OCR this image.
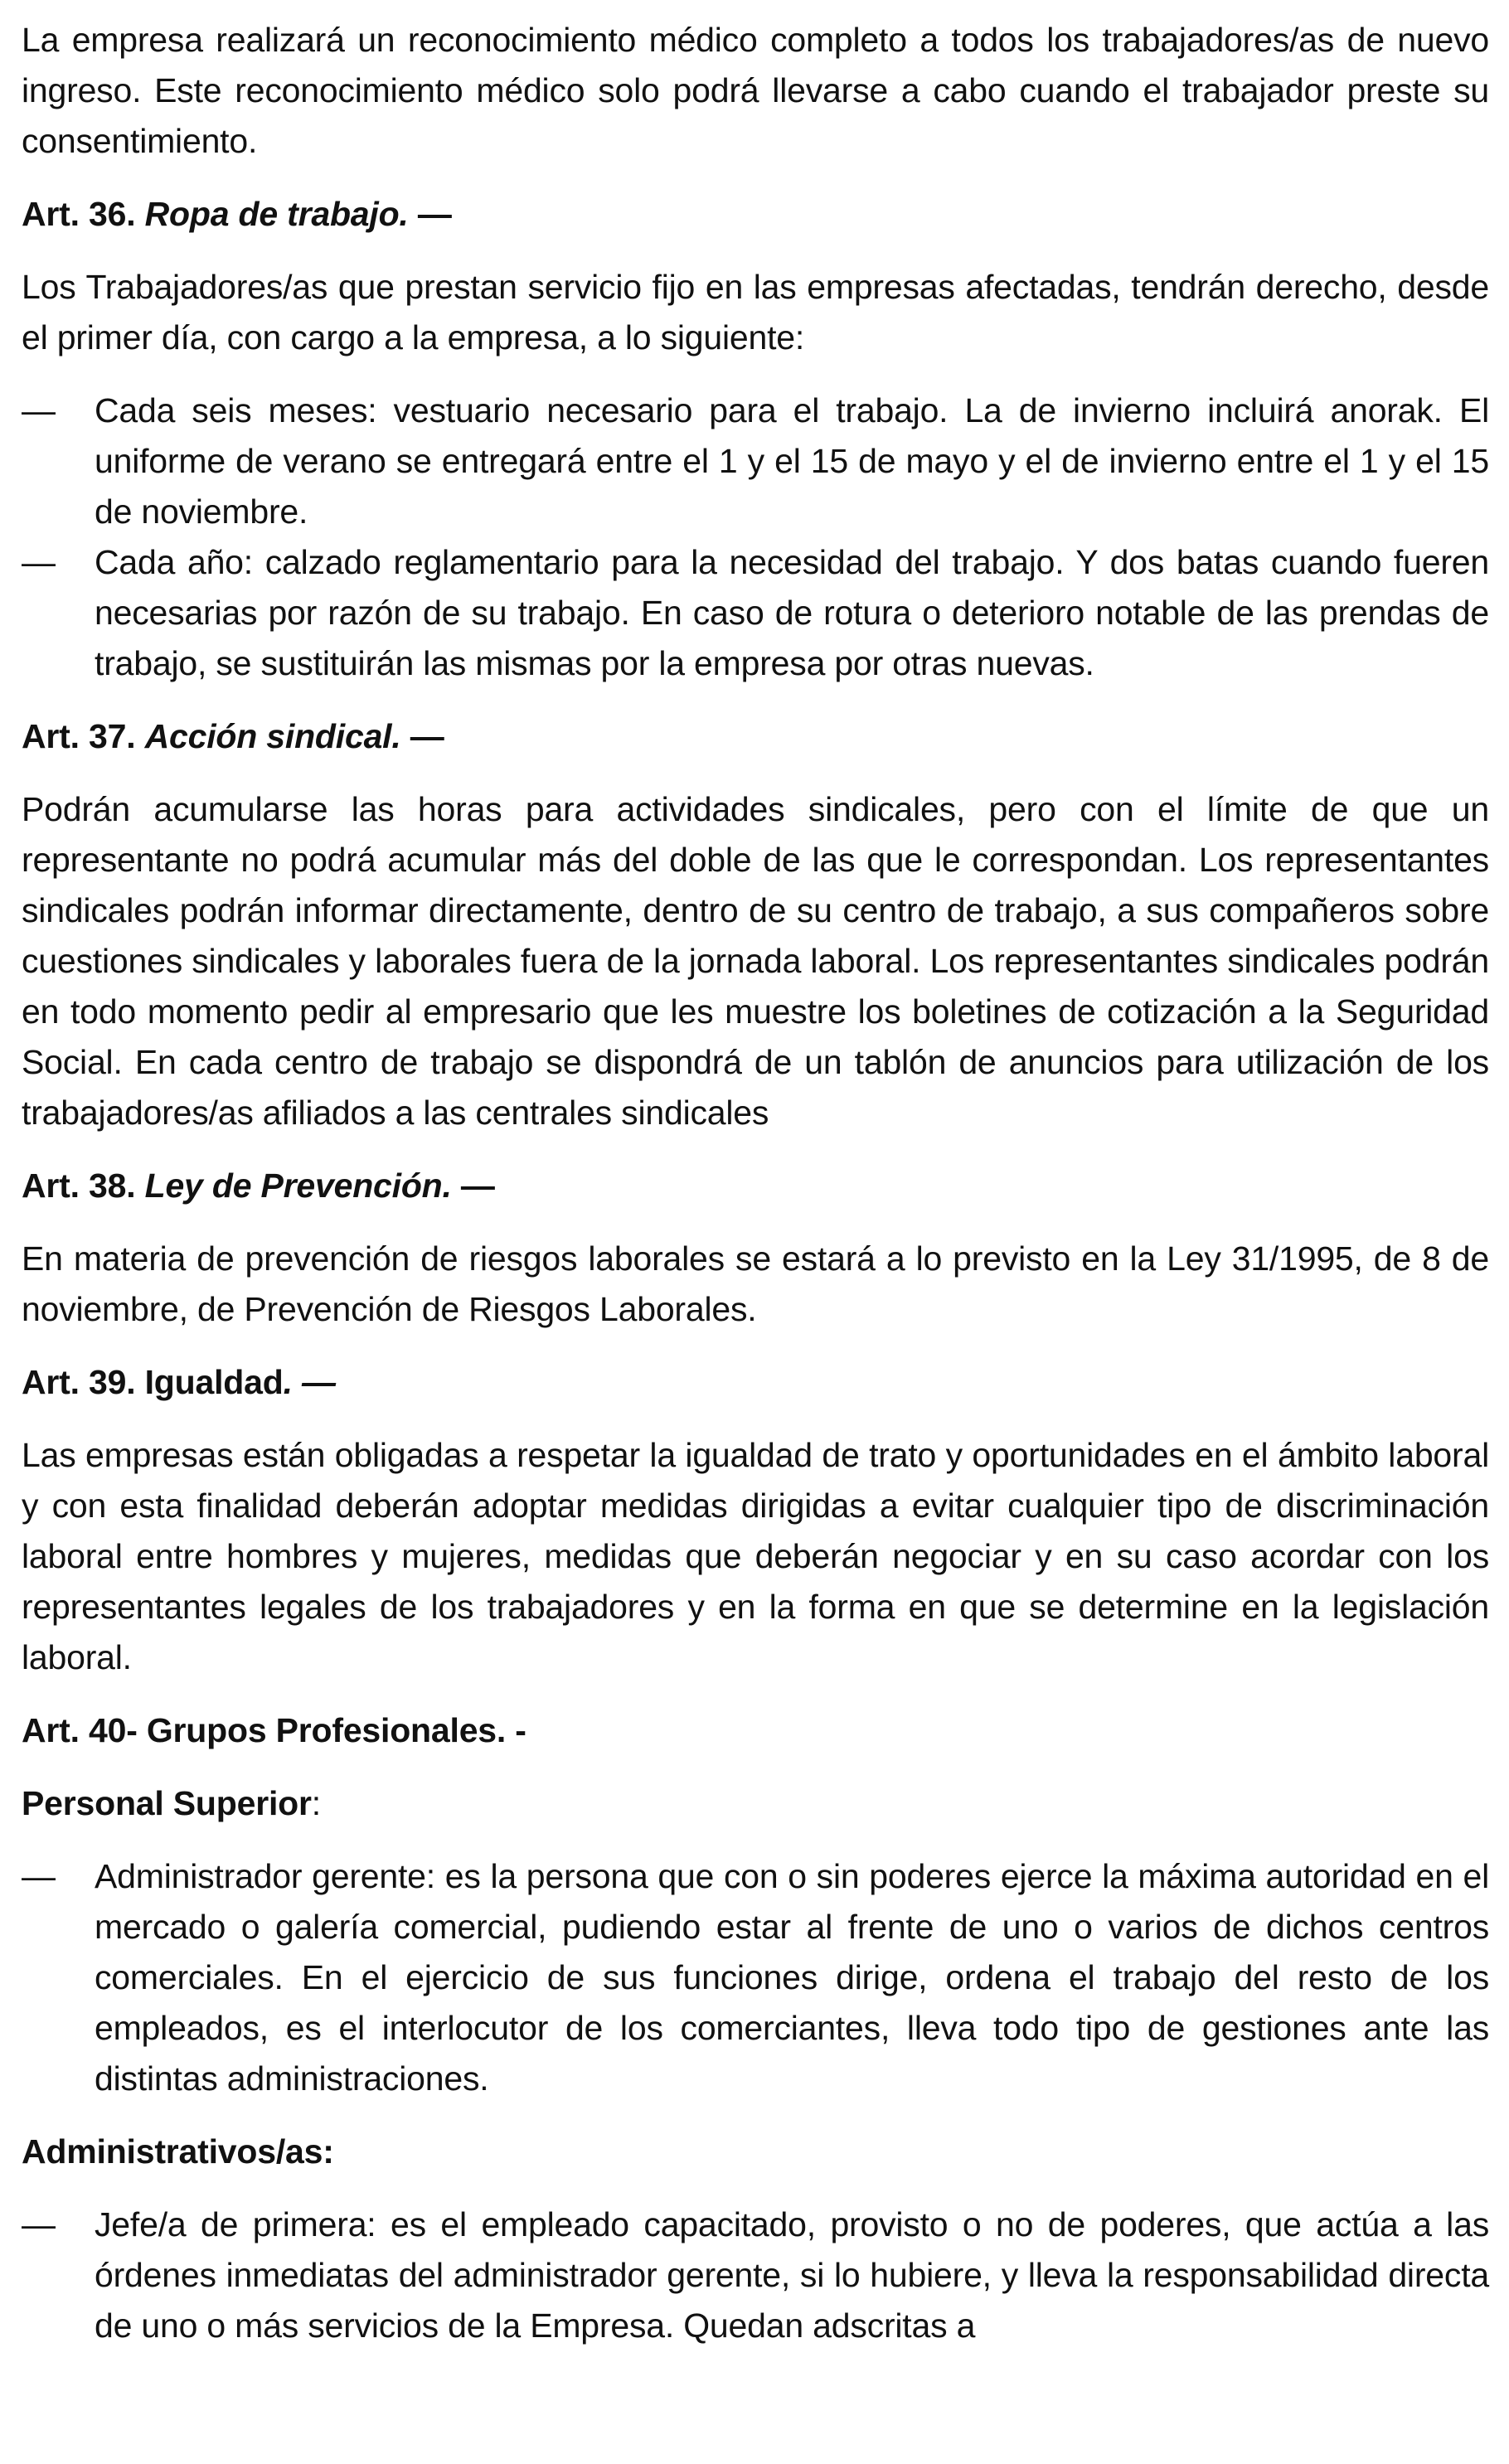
La empresa realizará un reconocimiento médico completo a todos los trabajadores/as de nuevo ingreso. Este reconocimiento médico solo podrá llevarse a cabo cuando el trabajador preste su consentimiento.

Art. 36. Ropa de trabajo. —

Los Trabajadores/as que prestan servicio fijo en las empresas afectadas, tendrán derecho, desde el primer día, con cargo a la empresa, a lo siguiente:

—	Cada seis meses: vestuario necesario para el trabajo. La de invierno incluirá anorak. El uniforme de verano se entregará entre el 1 y el 15 de mayo y el de invierno entre el 1 y el 15 de noviembre.
—	Cada año: calzado reglamentario para la necesidad del trabajo. Y dos batas cuando fueren necesarias por razón de su trabajo. En caso de rotura o deterioro notable de las prendas de trabajo, se sustituirán las mismas por la empresa por otras nuevas.
Art. 37. Acción sindical. —

Podrán acumularse las horas para actividades sindicales, pero con el límite de que un representante no podrá acumular más del doble de las que le correspondan. Los representantes sindicales podrán informar directamente, dentro de su centro de trabajo, a sus compañeros sobre cuestiones sindicales y laborales fuera de la jornada laboral. Los representantes sindicales podrán en todo momento pedir al empresario que les muestre los boletines de cotización a la Seguridad Social. En cada centro de trabajo se dispondrá de un tablón de anuncios para utilización de los trabajadores/as afiliados a las centrales sindicales

Art. 38. Ley de Prevención. —

En materia de prevención de riesgos laborales se estará a lo previsto en la Ley 31/1995, de 8 de noviembre, de Prevención de Riesgos Laborales.

Art. 39. Igualdad. —

Las empresas están obligadas a respetar la igualdad de trato y oportunidades en el ámbito laboral y con esta finalidad deberán adoptar medidas dirigidas a evitar cualquier tipo de discriminación laboral entre hombres y mujeres, medidas que deberán negociar y en su caso acordar con los representantes legales de los trabajadores y en la forma en que se determine en la legislación laboral.

Art. 40- Grupos Profesionales. -

Personal Superior:

—	Administrador gerente: es la persona que con o sin poderes ejerce la máxima autoridad en el mercado o galería comercial, pudiendo estar al frente de uno o varios de dichos centros comerciales. En el ejercicio de sus funciones dirige, ordena el trabajo del resto de los empleados, es el interlocutor de los comerciantes, lleva todo tipo de gestiones ante las distintas administraciones.

Administrativos/as:

—	Jefe/a de primera: es el empleado capacitado, provisto o no de poderes, que actúa a las órdenes inmediatas del administrador gerente, si lo hubiere, y lleva la responsabilidad directa de uno o más servicios de la Empresa. Quedan adscritas a
